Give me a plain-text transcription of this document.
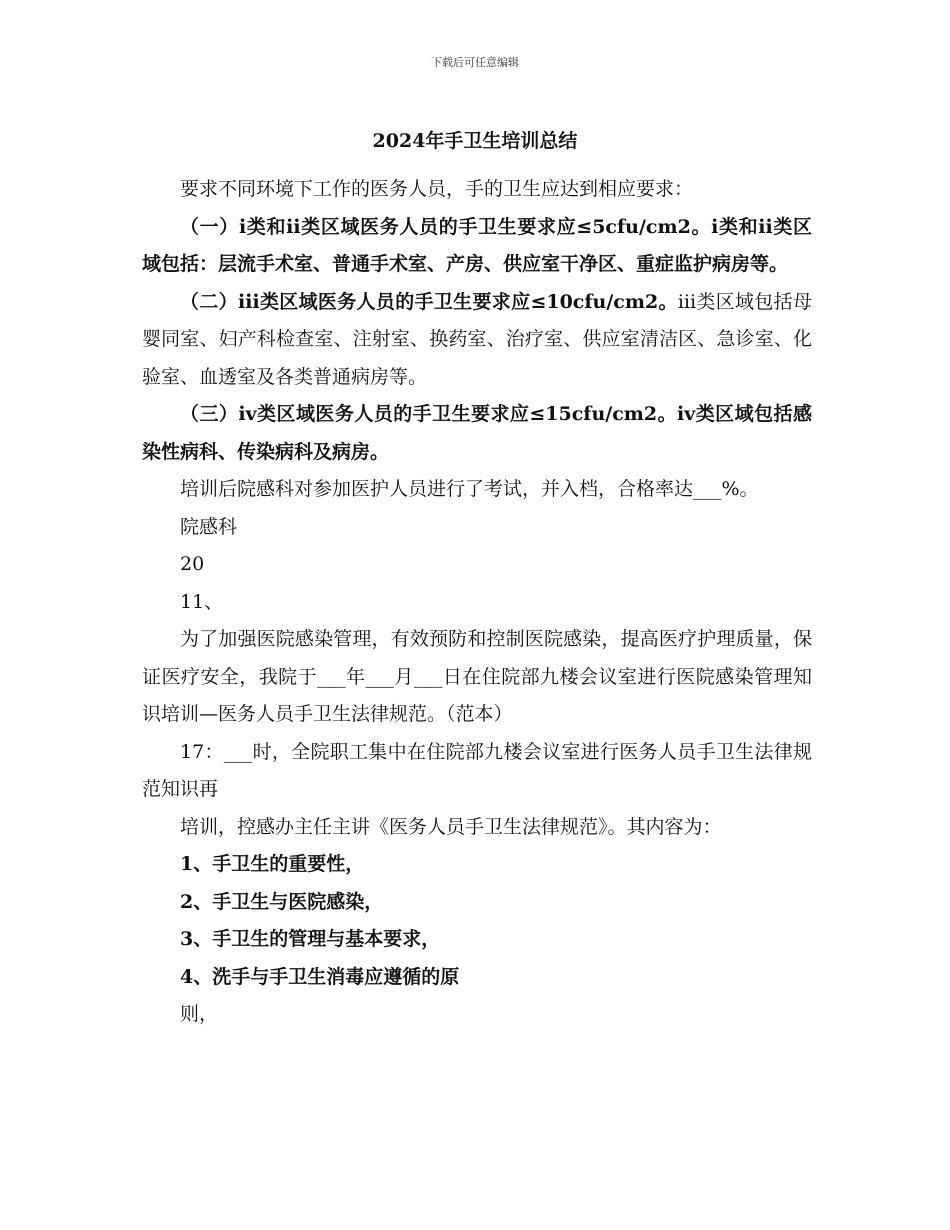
下载后可任意编辑
2024年手卫生培训总结

要求不同环境下工作的医务人员，手的卫生应达到相应要求：

（一）ⅰ类和ⅱ类区域医务人员的手卫生要求应≤5cfu/cm2。ⅰ类和ⅱ类区域包括：层流手术室、普通手术室、产房、供应室干净区、重症监护病房等。

（二）ⅲ类区域医务人员的手卫生要求应≤10cfu/cm2。ⅲ类区域包括母婴同室、妇产科检查室、注射室、换药室、治疗室、供应室清洁区、急诊室、化验室、血透室及各类普通病房等。

（三）ⅳ类区域医务人员的手卫生要求应≤15cfu/cm2。ⅳ类区域包括感染性病科、传染病科及病房。

培训后院感科对参加医护人员进行了考试，并入档，合格率达___%。

院感科

20

11、

为了加强医院感染管理，有效预防和控制医院感染，提高医疗护理质量，保证医疗安全，我院于___年___月___日在住院部九楼会议室进行医院感染管理知识培训—医务人员手卫生法律规范。（范本）

17：___时，全院职工集中在住院部九楼会议室进行医务人员手卫生法律规范知识再

培训，控感办主任主讲《医务人员手卫生法律规范》。其内容为：

1、手卫生的重要性，

2、手卫生与医院感染，

3、手卫生的管理与基本要求，

4、洗手与手卫生消毒应遵循的原

则，
